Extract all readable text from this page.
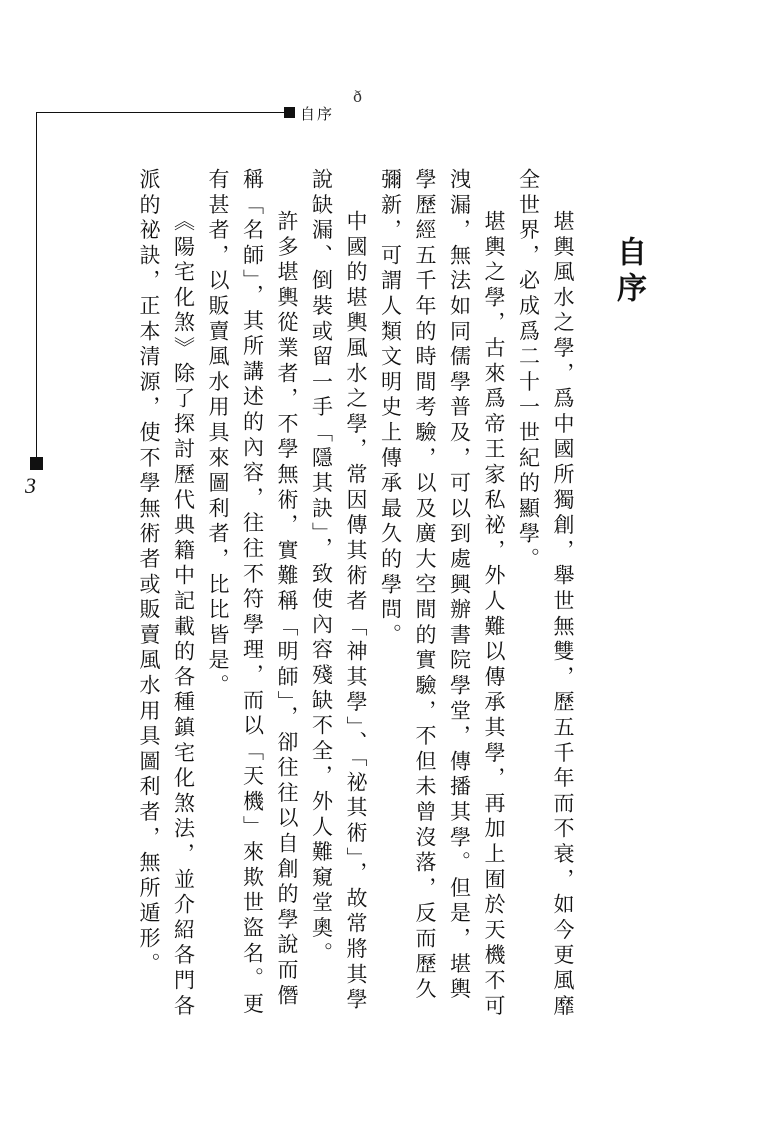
ð
自序
3
自序

堪輿風水之學，爲中國所獨創，舉世無雙，歷五千年而不衰，如今更風靡全世界，必成爲二十一世紀的顯學。

堪輿之學，古來爲帝王家私祕，外人難以傳承其學，再加上囿於天機不可洩漏，無法如同儒學普及，可以到處興辦書院學堂，傳播其學。但是，堪輿學歷經五千年的時間考驗，以及廣大空間的實驗，不但未曾沒落，反而歷久彌新，可謂人類文明史上傳承最久的學問。

中國的堪輿風水之學，常因傳其術者「神其學」、「祕其術」，故常將其學說缺漏、倒裝或留一手「隱其訣」，致使內容殘缺不全，外人難窺堂奧。

許多堪輿從業者，不學無術，實難稱「明師」，卻往往以自創的學說而僭稱「名師」，其所講述的內容，往往不符學理，而以「天機」來欺世盜名。更有甚者，以販賣風水用具來圖利者，比比皆是。

《陽宅化煞》除了探討歷代典籍中記載的各種鎮宅化煞法，並介紹各門各派的祕訣，正本清源，使不學無術者或販賣風水用具圖利者，無所遁形。
